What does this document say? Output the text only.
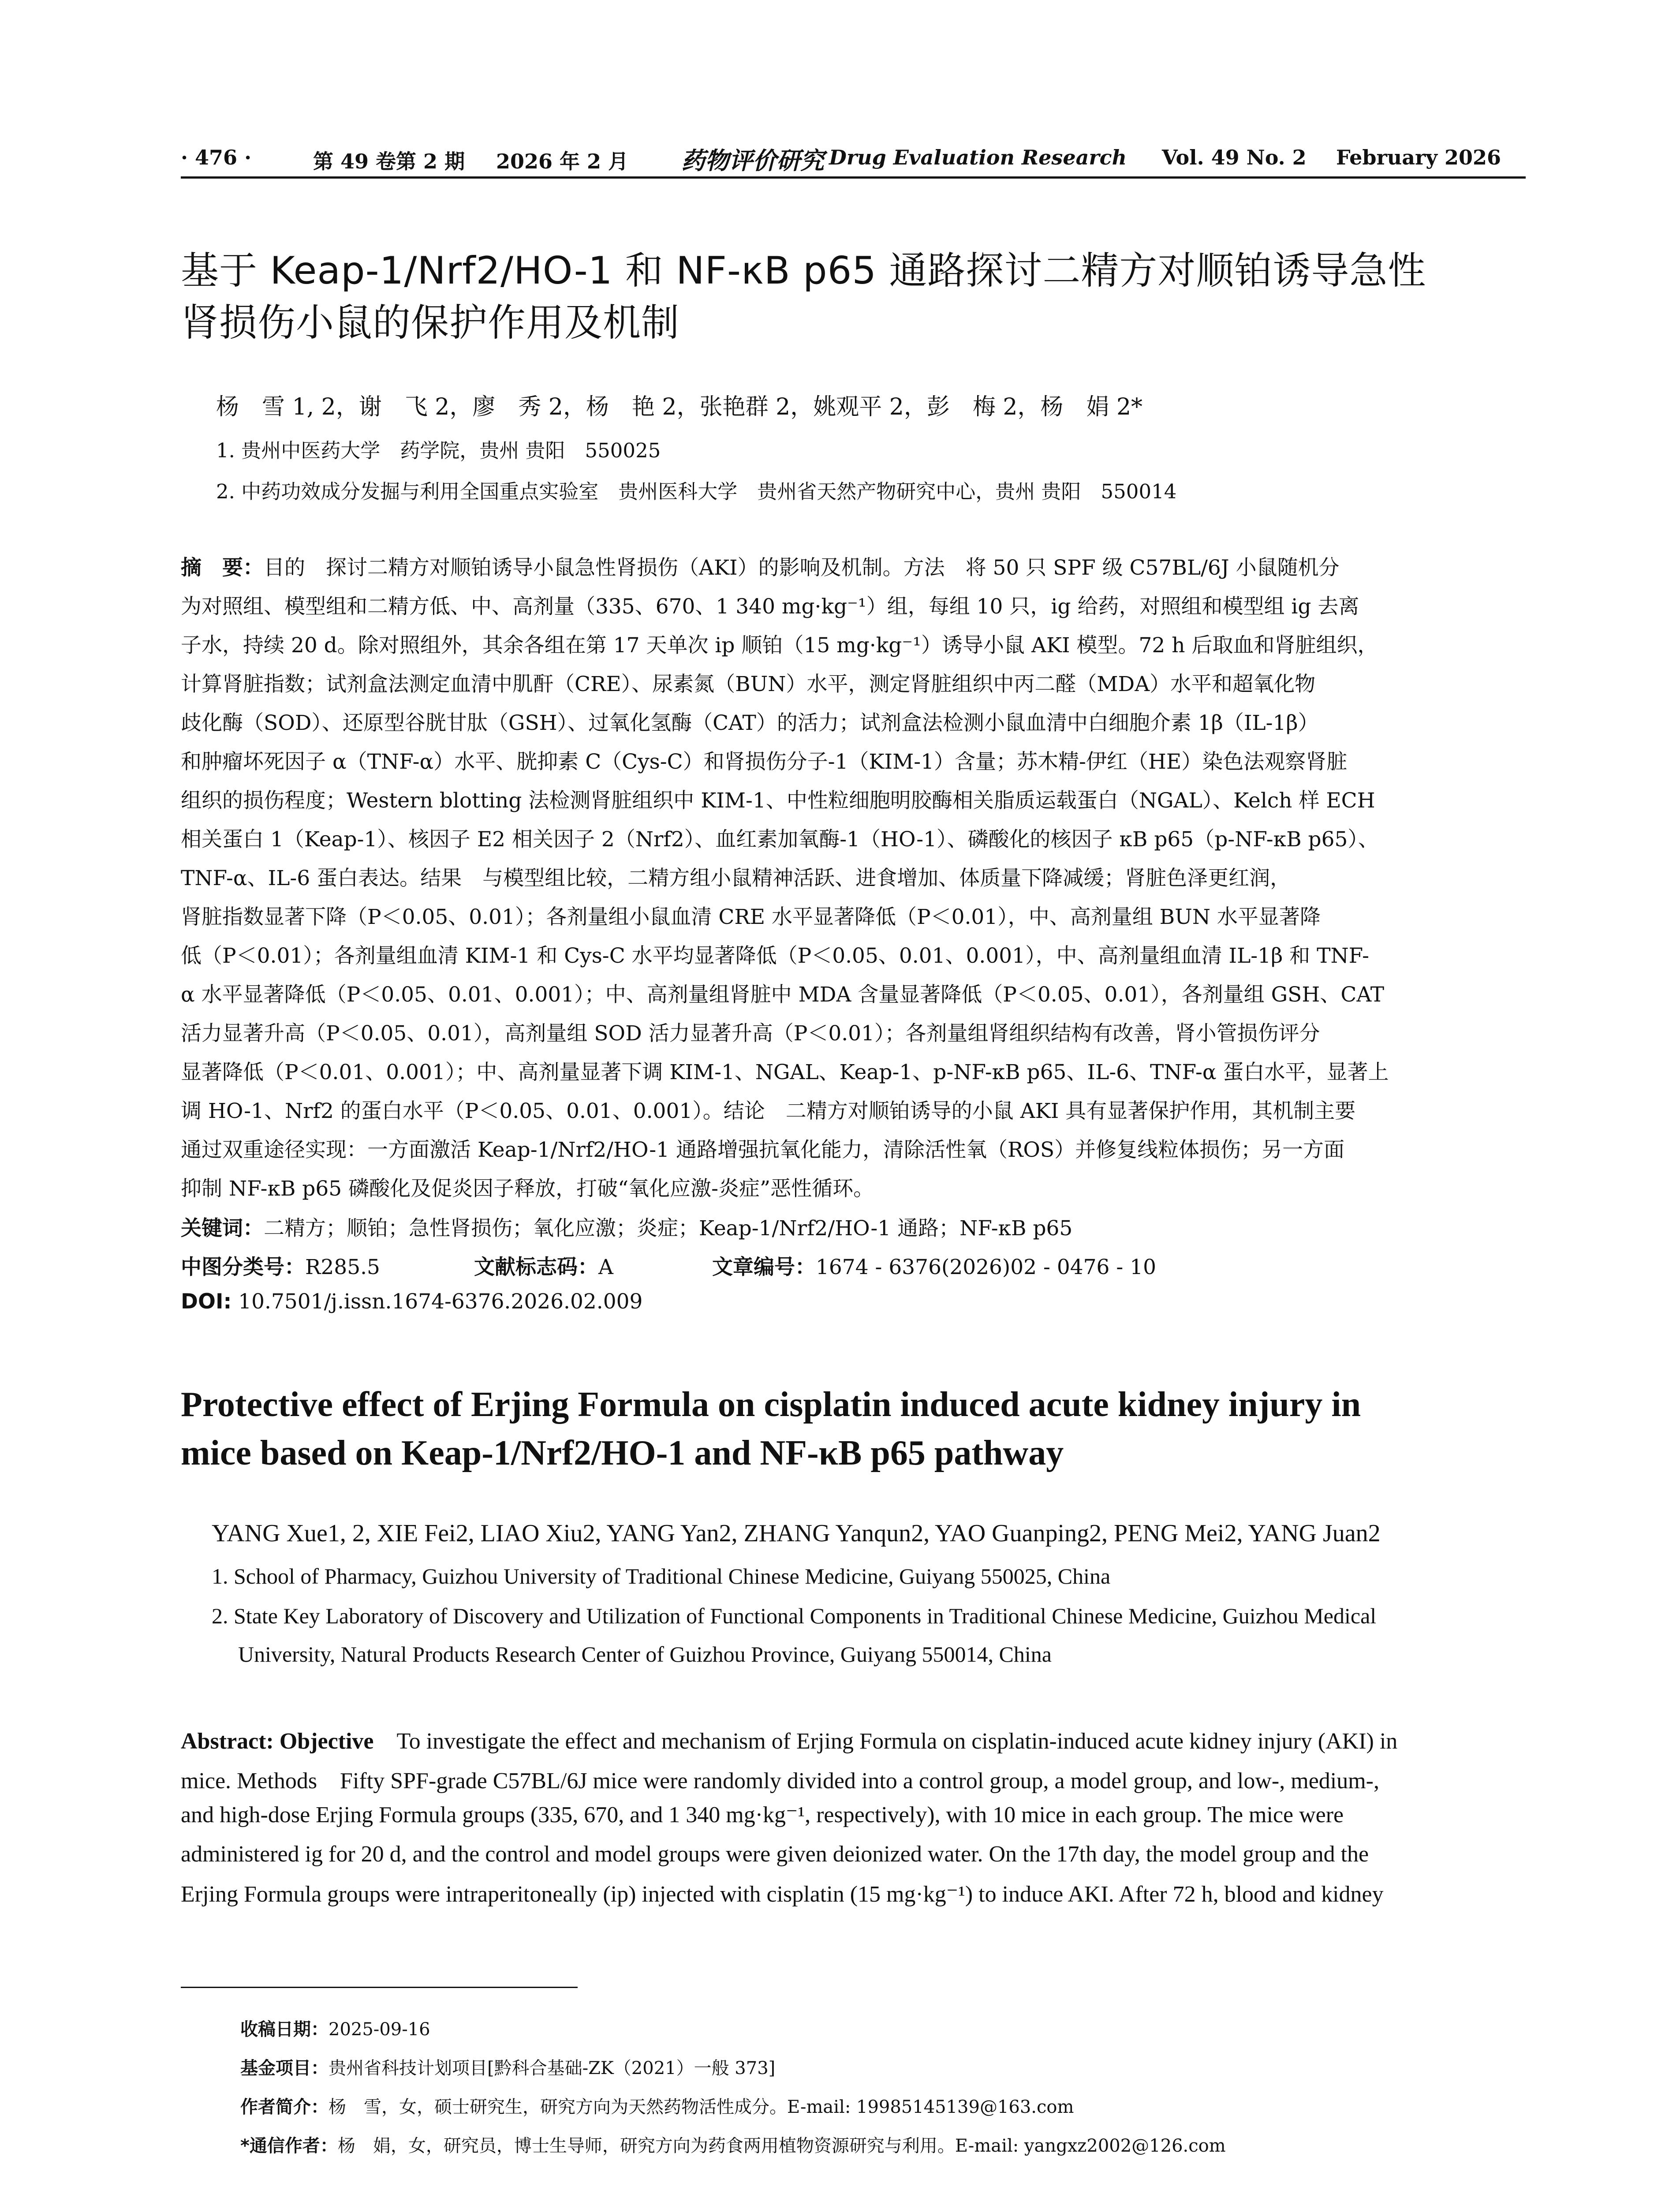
· 476 ·	第 49 卷第 2 期 2026 年 2 月 药物评价研究 Drug Evaluation Research Vol. 49 No. 2 February 2026
基于 Keap-1/Nrf2/HO-1 和 NF-κB p65 通路探讨二精方对顺铂诱导急性
肾损伤小鼠的保护作用及机制
杨　雪 1, 2，谢　飞 2，廖　秀 2，杨　艳 2，张艳群 2，姚观平 2，彭　梅 2，杨　娟 2*
1. 贵州中医药大学　药学院，贵州 贵阳　550025
2. 中药功效成分发掘与利用全国重点实验室　贵州医科大学　贵州省天然产物研究中心，贵州 贵阳　550014
摘　要：目的　探讨二精方对顺铂诱导小鼠急性肾损伤（AKI）的影响及机制。方法　将 50 只 SPF 级 C57BL/6J 小鼠随机分
为对照组、模型组和二精方低、中、高剂量（335、670、1 340 mg·kg⁻¹）组，每组 10 只，ig 给药，对照组和模型组 ig 去离
子水，持续 20 d。除对照组外，其余各组在第 17 天单次 ip 顺铂（15 mg·kg⁻¹）诱导小鼠 AKI 模型。72 h 后取血和肾脏组织，
计算肾脏指数；试剂盒法测定血清中肌酐（CRE）、尿素氮（BUN）水平，测定肾脏组织中丙二醛（MDA）水平和超氧化物
歧化酶（SOD）、还原型谷胱甘肽（GSH）、过氧化氢酶（CAT）的活力；试剂盒法检测小鼠血清中白细胞介素 1β（IL-1β）
和肿瘤坏死因子 α（TNF-α）水平、胱抑素 C（Cys-C）和肾损伤分子-1（KIM-1）含量；苏木精-伊红（HE）染色法观察肾脏
组织的损伤程度；Western blotting 法检测肾脏组织中 KIM-1、中性粒细胞明胶酶相关脂质运载蛋白（NGAL）、Kelch 样 ECH
相关蛋白 1（Keap-1）、核因子 E2 相关因子 2（Nrf2）、血红素加氧酶-1（HO-1）、磷酸化的核因子 κB p65（p-NF-κB p65）、
TNF-α、IL-6 蛋白表达。结果　与模型组比较，二精方组小鼠精神活跃、进食增加、体质量下降减缓；肾脏色泽更红润，
肾脏指数显著下降（P＜0.05、0.01）；各剂量组小鼠血清 CRE 水平显著降低（P＜0.01），中、高剂量组 BUN 水平显著降
低（P＜0.01）；各剂量组血清 KIM-1 和 Cys-C 水平均显著降低（P＜0.05、0.01、0.001），中、高剂量组血清 IL-1β 和 TNF-
α 水平显著降低（P＜0.05、0.01、0.001）；中、高剂量组肾脏中 MDA 含量显著降低（P＜0.05、0.01），各剂量组 GSH、CAT
活力显著升高（P＜0.05、0.01），高剂量组 SOD 活力显著升高（P＜0.01）；各剂量组肾组织结构有改善，肾小管损伤评分
显著降低（P＜0.01、0.001）；中、高剂量显著下调 KIM-1、NGAL、Keap-1、p-NF-κB p65、IL-6、TNF-α 蛋白水平，显著上
调 HO-1、Nrf2 的蛋白水平（P＜0.05、0.01、0.001）。结论　二精方对顺铂诱导的小鼠 AKI 具有显著保护作用，其机制主要
通过双重途径实现：一方面激活 Keap-1/Nrf2/HO-1 通路增强抗氧化能力，清除活性氧（ROS）并修复线粒体损伤；另一方面
抑制 NF-κB p65 磷酸化及促炎因子释放，打破“氧化应激-炎症”恶性循环。
关键词：二精方；顺铂；急性肾损伤；氧化应激；炎症；Keap-1/Nrf2/HO-1 通路；NF-κB p65
中图分类号：R285.5	文献标志码：A	文章编号：1674 - 6376(2026)02 - 0476 - 10
DOI: 10.7501/j.issn.1674-6376.2026.02.009
Protective effect of Erjing Formula on cisplatin induced acute kidney injury in
mice based on Keap-1/Nrf2/HO-1 and NF-κB p65 pathway
YANG Xue1, 2, XIE Fei2, LIAO Xiu2, YANG Yan2, ZHANG Yanqun2, YAO Guanping2, PENG Mei2, YANG Juan2
1. School of Pharmacy, Guizhou University of Traditional Chinese Medicine, Guiyang 550025, China
2. State Key Laboratory of Discovery and Utilization of Functional Components in Traditional Chinese Medicine, Guizhou Medical
University, Natural Products Research Center of Guizhou Province, Guiyang 550014, China
Abstract: Objective　 To investigate the effect and mechanism of Erjing Formula on cisplatin-induced acute kidney injury (AKI) in
mice. Methods　Fifty SPF-grade C57BL/6J mice were randomly divided into a control group, a model group, and low-, medium-,
and high-dose Erjing Formula groups (335, 670, and 1 340 mg·kg⁻¹, respectively), with 10 mice in each group. The mice were
administered ig for 20 d, and the control and model groups were given deionized water. On the 17th day, the model group and the
Erjing Formula groups were intraperitoneally (ip) injected with cisplatin (15 mg·kg⁻¹) to induce AKI. After 72 h, blood and kidney
收稿日期：2025-09-16
基金项目：贵州省科技计划项目[黔科合基础-ZK（2021）一般 373]
作者简介：杨　雪，女，硕士研究生，研究方向为天然药物活性成分。E-mail: 19985145139@163.com
*通信作者：杨　娟，女，研究员，博士生导师，研究方向为药食两用植物资源研究与利用。E-mail: yangxz2002@126.com
